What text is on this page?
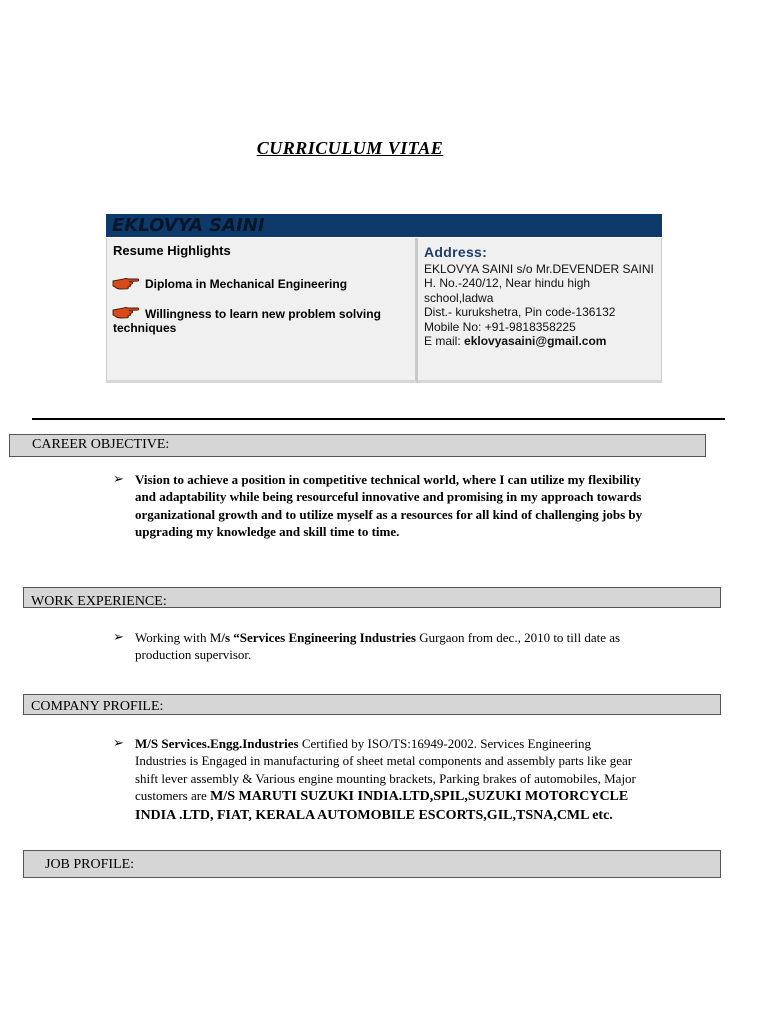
CURRICULUM VITAE
EKLOVYA SAINI
Resume Highlights
Diploma in Mechanical Engineering
Willingness to learn new problem solving techniques
Address:
EKLOVYA SAINI s/o Mr.DEVENDER SAINI
H. No.-240/12, Near hindu high school,ladwa
Dist.- kurukshetra, Pin code-136132
Mobile No: +91-9818358225
E mail: eklovyasaini@gmail.com
CAREER OBJECTIVE:
➢ Vision to achieve a position in competitive technical world, where I can utilize my flexibility and adaptability while being resourceful innovative and promising in my approach towards organizational growth and to utilize myself as a resources for all kind of challenging jobs by upgrading my knowledge and skill time to time.
WORK EXPERIENCE:
➢ Working with M/s “Services Engineering Industries Gurgaon from dec., 2010 to till date as production supervisor.
COMPANY PROFILE:
➢ M/S Services.Engg.Industries Certified by ISO/TS:16949-2002. Services Engineering Industries is Engaged in manufacturing of sheet metal components and assembly parts like gear shift lever assembly & Various engine mounting brackets, Parking brakes of automobiles, Major customers are M/S MARUTI SUZUKI INDIA.LTD,SPIL,SUZUKI MOTORCYCLE INDIA .LTD, FIAT, KERALA AUTOMOBILE ESCORTS,GIL,TSNA,CML etc.
JOB PROFILE:
